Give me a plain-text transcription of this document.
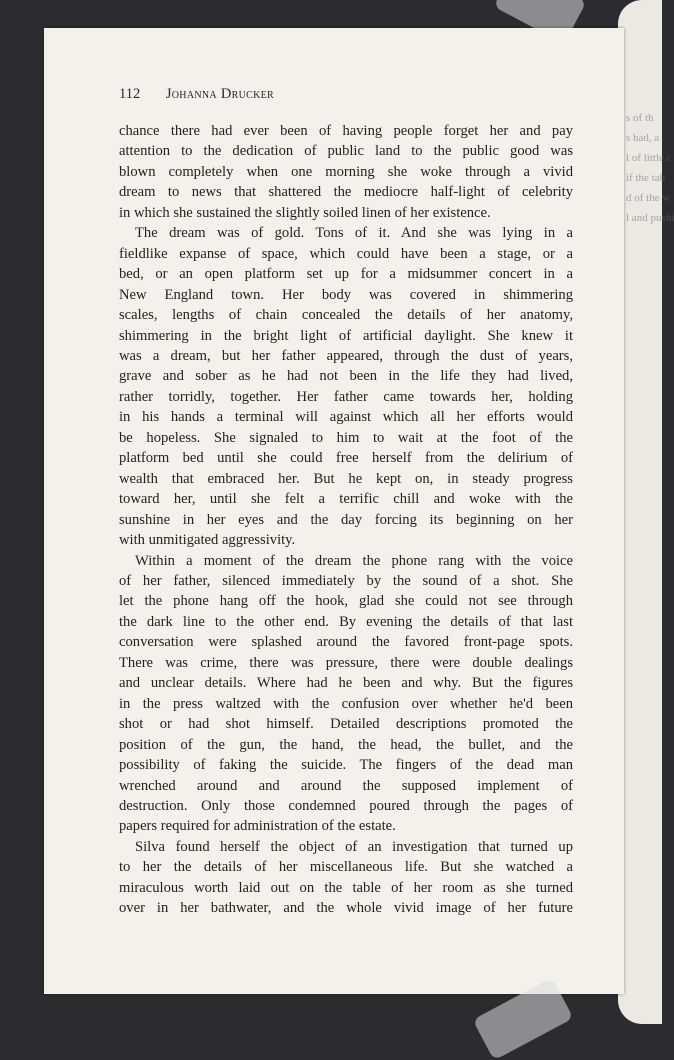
s of th
s had, a
l of little c
if the tab
d of the w
l and pushi
112 Johanna Drucker
chance there had ever been of having people forget her and pay
attention to the dedication of public land to the public good was
blown completely when one morning she woke through a vivid
dream to news that shattered the mediocre half-light of celebrity
in which she sustained the slightly soiled linen of her existence.
The dream was of gold. Tons of it. And she was lying in a
fieldlike expanse of space, which could have been a stage, or a
bed, or an open platform set up for a midsummer concert in a
New England town. Her body was covered in shimmering
scales, lengths of chain concealed the details of her anatomy,
shimmering in the bright light of artificial daylight. She knew it
was a dream, but her father appeared, through the dust of years,
grave and sober as he had not been in the life they had lived,
rather torridly, together. Her father came towards her, holding
in his hands a terminal will against which all her efforts would
be hopeless. She signaled to him to wait at the foot of the
platform bed until she could free herself from the delirium of
wealth that embraced her. But he kept on, in steady progress
toward her, until she felt a terrific chill and woke with the
sunshine in her eyes and the day forcing its beginning on her
with unmitigated aggressivity.
Within a moment of the dream the phone rang with the voice
of her father, silenced immediately by the sound of a shot. She
let the phone hang off the hook, glad she could not see through
the dark line to the other end. By evening the details of that last
conversation were splashed around the favored front-page spots.
There was crime, there was pressure, there were double dealings
and unclear details. Where had he been and why. But the figures
in the press waltzed with the confusion over whether he'd been
shot or had shot himself. Detailed descriptions promoted the
position of the gun, the hand, the head, the bullet, and the
possibility of faking the suicide. The fingers of the dead man
wrenched around and around the supposed implement of
destruction. Only those condemned poured through the pages of
papers required for administration of the estate.
Silva found herself the object of an investigation that turned up
to her the details of her miscellaneous life. But she watched a
miraculous worth laid out on the table of her room as she turned
over in her bathwater, and the whole vivid image of her future
